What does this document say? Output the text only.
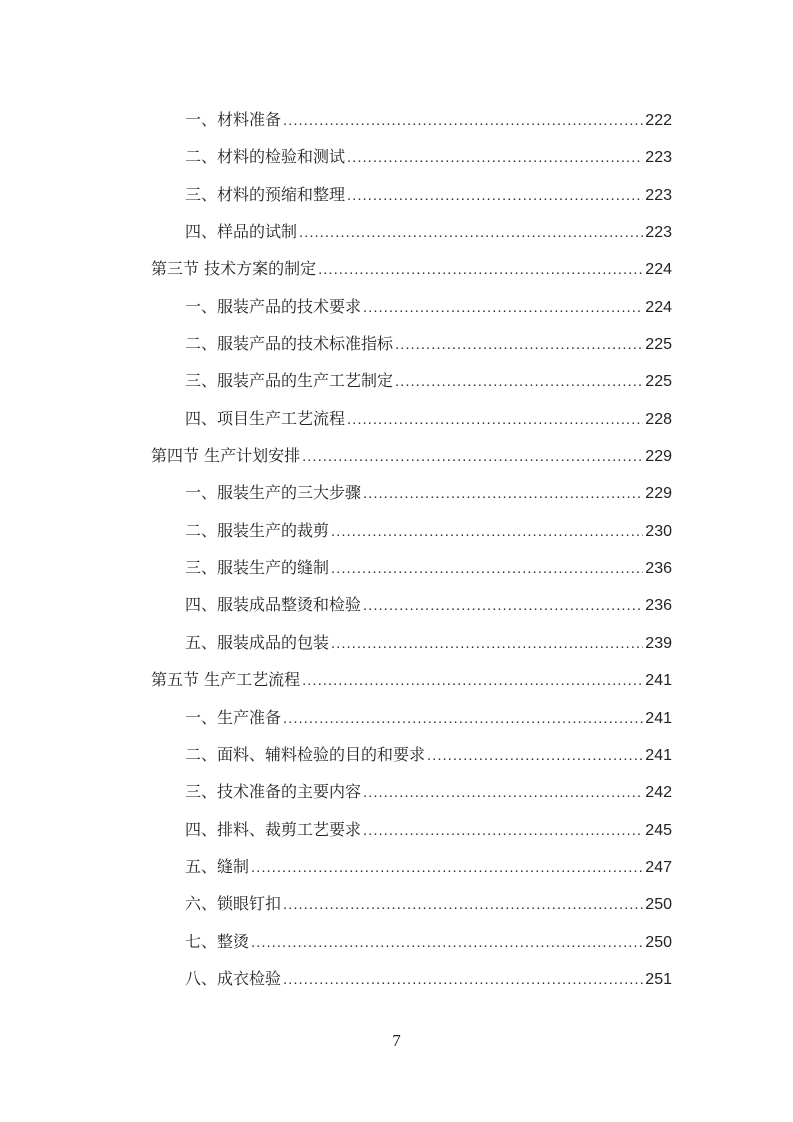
一、材料准备 .....	222
二、材料的检验和测试 .....	223
三、材料的预缩和整理 .....	223
四、样品的试制 .....	223
第三节 技术方案的制定 .....	224
一、服装产品的技术要求 .....	224
二、服装产品的技术标准指标 .....	225
三、服装产品的生产工艺制定 .....	225
四、项目生产工艺流程 .....	228
第四节 生产计划安排 .....	229
一、服装生产的三大步骤 .....	229
二、服装生产的裁剪 .....	230
三、服装生产的缝制 .....	236
四、服装成品整烫和检验 .....	236
五、服装成品的包装 .....	239
第五节 生产工艺流程 .....	241
一、生产准备 .....	241
二、面料、辅料检验的目的和要求 .....	241
三、技术准备的主要内容 .....	242
四、排料、裁剪工艺要求 .....	245
五、缝制 .....	247
六、锁眼钉扣 .....	250
七、整烫 .....	250
八、成衣检验 .....	251
7
